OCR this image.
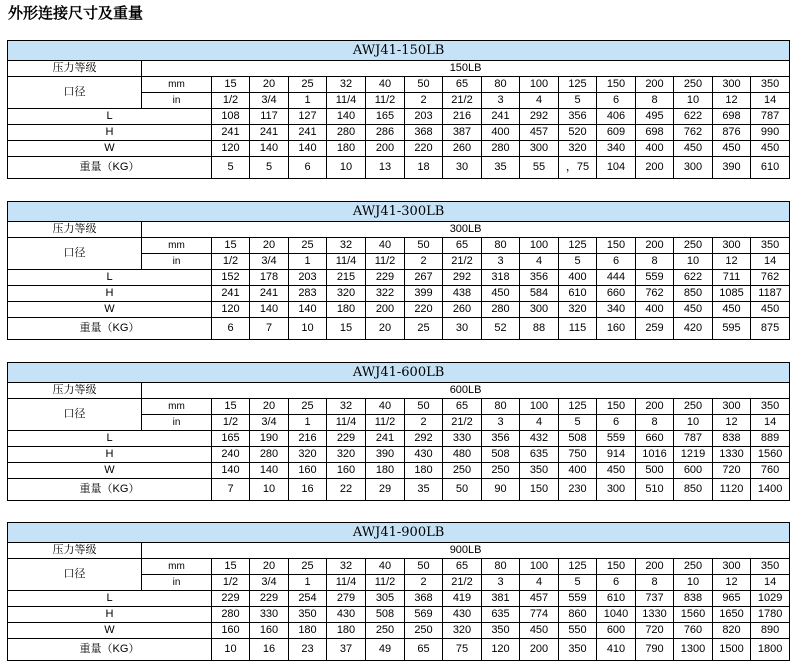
外形连接尺寸及重量
AWJ41-150LB																
压力等级	150LB															
口径	mm	15	20	25	32	40	50	65	80	100	125	150	200	250	300	350
	in	1/2	3/4	1	11/4	11/2	2	21/2	3	4	5	6	8	10	12	14
L		108	117	127	140	165	203	216	241	292	356	406	495	622	698	787
H		241	241	241	280	286	368	387	400	457	520	609	698	762	876	990
W		120	140	140	180	200	220	260	280	300	320	340	400	450	450	450
重量（KG）		5	5	6	10	13	18	30	35	55	，75	104	200	300	390	610
AWJ41-300LB																
压力等级	300LB															
口径	mm	15	20	25	32	40	50	65	80	100	125	150	200	250	300	350
	in	1/2	3/4	1	11/4	11/2	2	21/2	3	4	5	6	8	10	12	14
L		152	178	203	215	229	267	292	318	356	400	444	559	622	711	762
H		241	241	283	320	322	399	438	450	584	610	660	762	850	1085	1187
W		120	140	140	180	200	220	260	280	300	320	340	400	450	450	450
重量（KG）		6	7	10	15	20	25	30	52	88	115	160	259	420	595	875
AWJ41-600LB																
压力等级	600LB															
口径	mm	15	20	25	32	40	50	65	80	100	125	150	200	250	300	350
	in	1/2	3/4	1	11/4	11/2	2	21/2	3	4	5	6	8	10	12	14
L		165	190	216	229	241	292	330	356	432	508	559	660	787	838	889
H		240	280	320	320	390	430	480	508	635	750	914	1016	1219	1330	1560
W		140	140	160	160	180	180	250	250	350	400	450	500	600	720	760
重量（KG）		7	10	16	22	29	35	50	90	150	230	300	510	850	1120	1400
AWJ41-900LB																
压力等级	900LB															
口径	mm	15	20	25	32	40	50	65	80	100	125	150	200	250	300	350
	in	1/2	3/4	1	11/4	11/2	2	21/2	3	4	5	6	8	10	12	14
L		229	229	254	279	305	368	419	381	457	559	610	737	838	965	1029
H		280	330	350	430	508	569	430	635	774	860	1040	1330	1560	1650	1780
W		160	160	180	180	250	250	320	350	450	550	600	720	760	820	890
重量（KG）		10	16	23	37	49	65	75	120	200	350	410	790	1300	1500	1800
